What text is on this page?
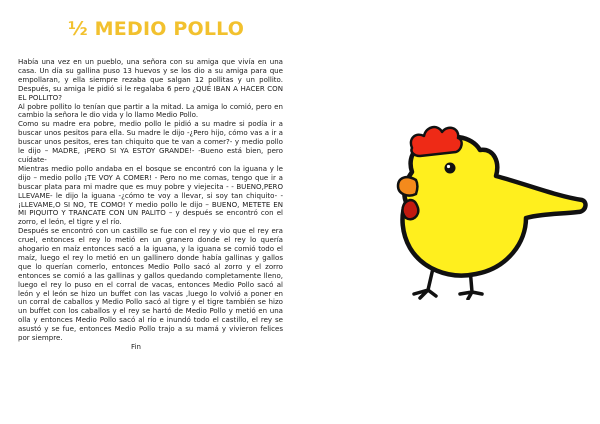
½ MEDIO POLLO

Había una vez en un pueblo, una señora con su amiga que vivía en una casa. Un día su gallina puso 13 huevos y se los dio a su amiga para que empollaran, y ella siempre rezaba que salgan 12 pollitas y un pollito. Después, su amiga le pidió si le regalaba 6 pero ¿QUÉ IBAN A HACER CON EL POLLITO?

Al pobre pollito lo tenían que partir a la mitad. La amiga lo comió, pero en cambio la señora le dio vida y lo llamo Medio Pollo.

Como su madre era pobre, medio pollo le pidió a su madre si podía ir a buscar unos pesitos para ella. Su madre le dijo -¿Pero hijo, cómo vas a ir a buscar unos pesitos, eres tan chiquito que te van a comer?- y medio pollo le dijo – MADRE, ¡PERO SI YA ESTOY GRANDE!- -Bueno está bien, pero cuídate-

Mientras medio pollo andaba en el bosque se encontró con la iguana y le dijo – medio pollo ¡TE VOY A COMER! - Pero no me comas, tengo que ir a buscar plata para mi madre que es muy pobre y viejecita - - BUENO,PERO LLEVAME- le dijo la iguana -¿cómo te voy a llevar, si soy tan chiquito- -¡LLEVAME,O SI NO, TE COMO! Y medio pollo le dijo – BUENO, METETE EN MI PIQUITO Y TRANCATE CON UN PALITO – y después se encontró con el zorro, el león, el tigre y el río.

Después se encontró con un castillo se fue con el rey y vio que el rey era cruel, entonces el rey lo metió en un granero donde el rey lo quería ahogario en maíz entonces sacó a la iguana, y la iguana se comió todo el maíz, luego el rey lo metió en un gallinero donde había gallinas y gallos que lo querían comerlo, entonces Medio Pollo sacó al zorro y el zorro entonces se comió a las gallinas y gallos quedando completamente lleno, luego el rey lo puso en el corral de vacas, entonces Medio Pollo sacó al león y el león se hizo un buffet con las vacas ,luego lo volvió a poner en un corral de caballos y Medio Pollo sacó al tigre y el tigre también se hizo un buffet con los caballos y el rey se hartó de Medio Pollo y metió en una olla y entonces Medio Pollo sacó al río e inundó todo el castillo, el rey se asustó y se fue, entonces Medio Pollo trajo a su mamá y vivieron felices por siempre.

Fin
